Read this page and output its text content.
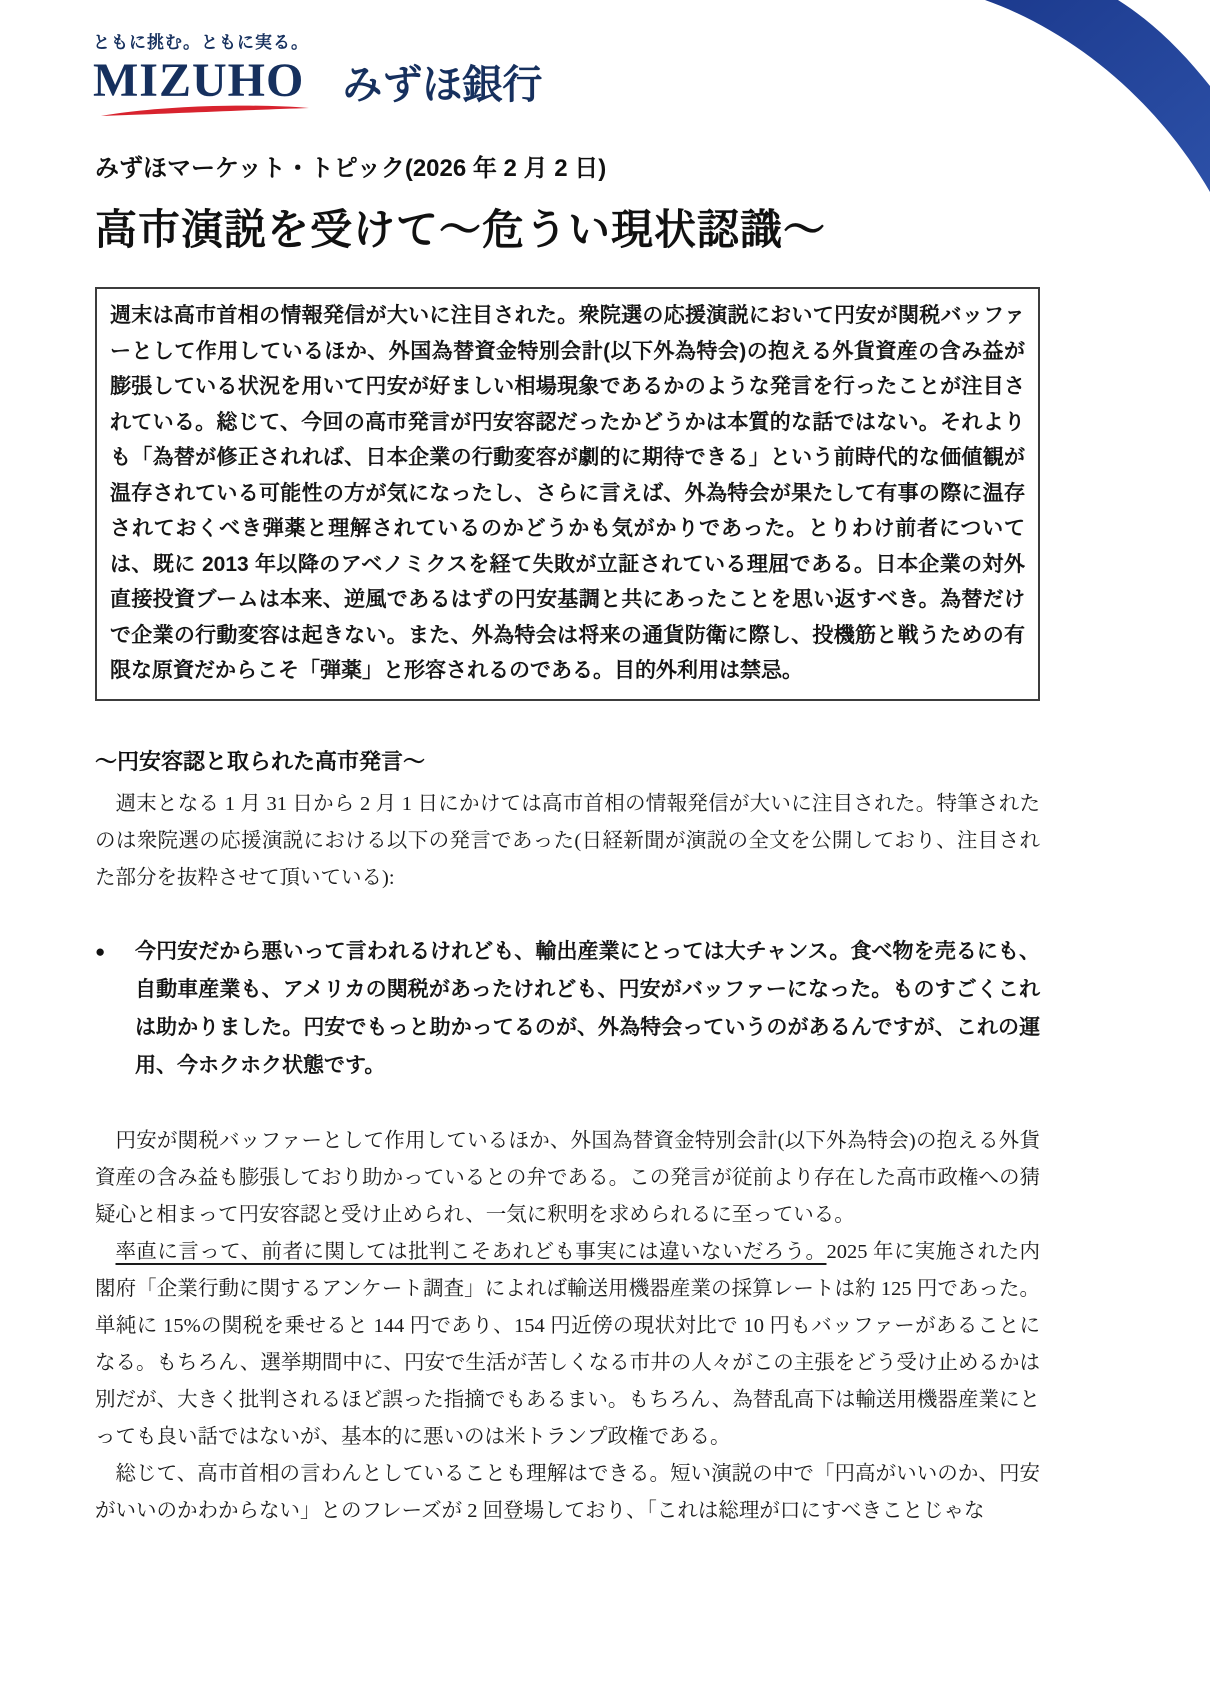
ともに挑む。ともに実る。
MIZUHO みずほ銀行
みずほマーケット・トピック(2026 年 2 月 2 日)
高市演説を受けて～危うい現状認識～
週末は高市首相の情報発信が大いに注目された。衆院選の応援演説において円安が関税バッファーとして作用しているほか、外国為替資金特別会計(以下外為特会)の抱える外貨資産の含み益が膨張している状況を用いて円安が好ましい相場現象であるかのような発言を行ったことが注目されている。総じて、今回の高市発言が円安容認だったかどうかは本質的な話ではない。それよりも「為替が修正されれば、日本企業の行動変容が劇的に期待できる」という前時代的な価値観が温存されている可能性の方が気になったし、さらに言えば、外為特会が果たして有事の際に温存されておくべき弾薬と理解されているのかどうかも気がかりであった。とりわけ前者については、既に 2013 年以降のアベノミクスを経て失敗が立証されている理屈である。日本企業の対外直接投資ブームは本来、逆風であるはずの円安基調と共にあったことを思い返すべき。為替だけで企業の行動変容は起きない。また、外為特会は将来の通貨防衛に際し、投機筋と戦うための有限な原資だからこそ「弾薬」と形容されるのである。目的外利用は禁忌。
～円安容認と取られた高市発言～

週末となる 1 月 31 日から 2 月 1 日にかけては高市首相の情報発信が大いに注目された。特筆されたのは衆院選の応援演説における以下の発言であった(日経新聞が演説の全文を公開しており、注目された部分を抜粋させて頂いている):

●	今円安だから悪いって言われるけれども、輸出産業にとっては大チャンス。食べ物を売るにも、自動車産業も、アメリカの関税があったけれども、円安がバッファーになった。ものすごくこれは助かりました。円安でもっと助かってるのが、外為特会っていうのがあるんですが、これの運用、今ホクホク状態です。

円安が関税バッファーとして作用しているほか、外国為替資金特別会計(以下外為特会)の抱える外貨資産の含み益も膨張しており助かっているとの弁である。この発言が従前より存在した高市政権への猜疑心と相まって円安容認と受け止められ、一気に釈明を求められるに至っている。

率直に言って、前者に関しては批判こそあれども事実には違いないだろう。2025 年に実施された内閣府「企業行動に関するアンケート調査」によれば輸送用機器産業の採算レートは約 125 円であった。単純に 15%の関税を乗せると 144 円であり、154 円近傍の現状対比で 10 円もバッファーがあることになる。もちろん、選挙期間中に、円安で生活が苦しくなる市井の人々がこの主張をどう受け止めるかは別だが、大きく批判されるほど誤った指摘でもあるまい。もちろん、為替乱高下は輸送用機器産業にとっても良い話ではないが、基本的に悪いのは米トランプ政権である。

総じて、高市首相の言わんとしていることも理解はできる。短い演説の中で「円高がいいのか、円安がいいのかわからない」とのフレーズが 2 回登場しており、「これは総理が口にすべきことじゃな
